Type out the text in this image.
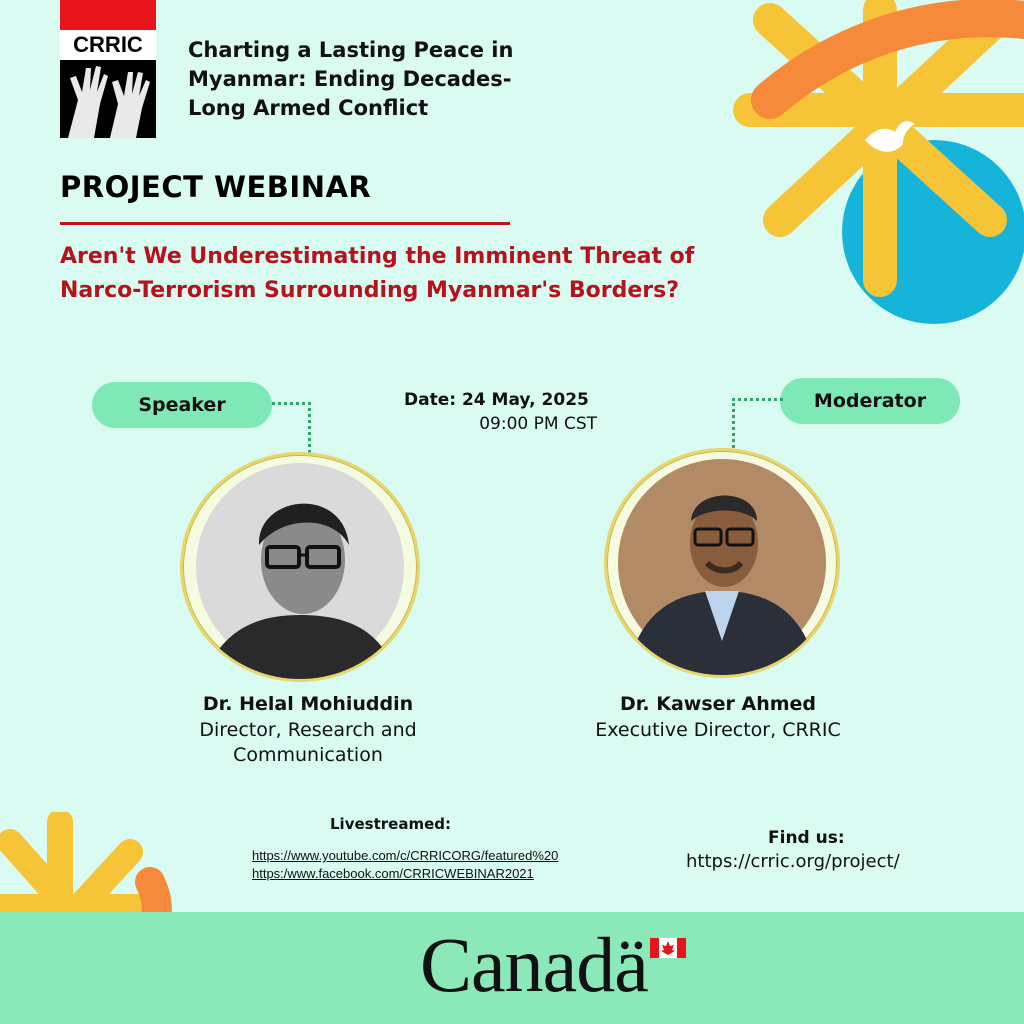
CRRIC	Charting a Lasting Peace in Myanmar: Ending Decades-Long Armed Conflict
PROJECT WEBINAR
Aren't We Underestimating the Imminent Threat of Narco-Terrorism Surrounding Myanmar's Borders?
Speaker	Moderator
Date: 24 May, 2025
09:00 PM CST
Dr. Helal Mohiuddin
Director, Research and Communication
Dr. Kawser Ahmed
Executive Director, CRRIC
Livestreamed:
https://www.youtube.com/c/CRRICORG/featured%20
https:/www.facebook.com/CRRICWEBINAR2021
Find us:
https://crric.org/project/
Canadä
